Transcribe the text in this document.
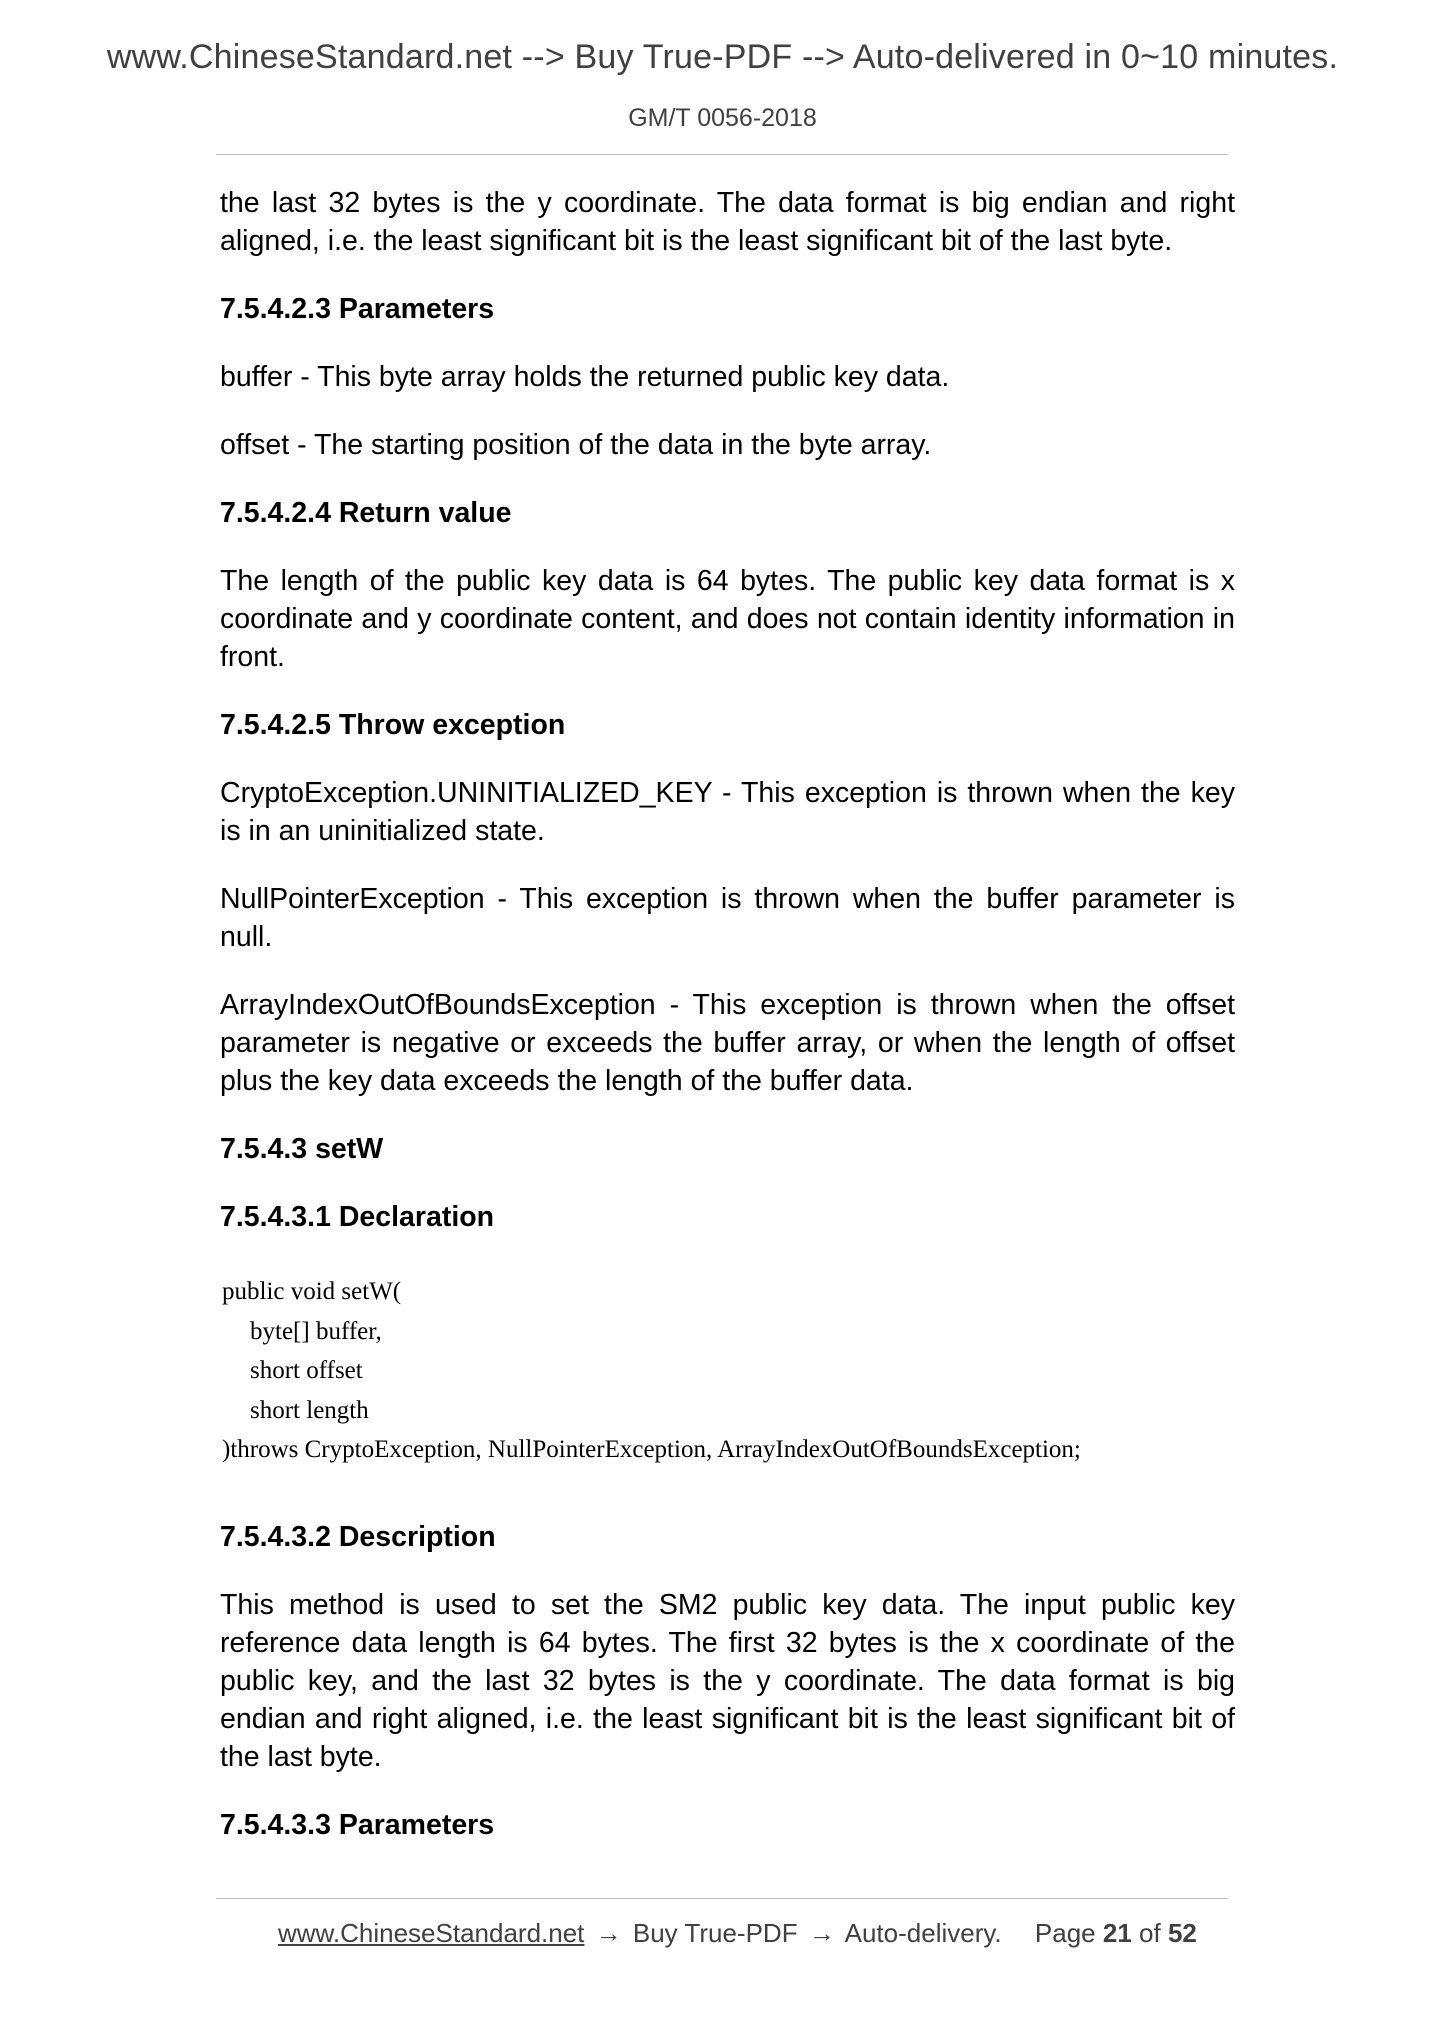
www.ChineseStandard.net --> Buy True-PDF --> Auto-delivered in 0~10 minutes.
GM/T 0056-2018

the last 32 bytes is the y coordinate. The data format is big endian and right aligned, i.e. the least significant bit is the least significant bit of the last byte.

7.5.4.2.3 Parameters

buffer - This byte array holds the returned public key data.

offset - The starting position of the data in the byte array.

7.5.4.2.4 Return value

The length of the public key data is 64 bytes. The public key data format is x coordinate and y coordinate content, and does not contain identity information in front.

7.5.4.2.5 Throw exception

CryptoException.UNINITIALIZED_KEY - This exception is thrown when the key is in an uninitialized state.

NullPointerException - This exception is thrown when the buffer parameter is null.

ArrayIndexOutOfBoundsException - This exception is thrown when the offset parameter is negative or exceeds the buffer array, or when the length of offset plus the key data exceeds the length of the buffer data.

7.5.4.3 setW
7.5.4.3.1 Declaration
public void setW(
byte[] buffer,
short offset
short length
)throws CryptoException, NullPointerException, ArrayIndexOutOfBoundsException;
7.5.4.3.2 Description

This method is used to set the SM2 public key data. The input public key reference data length is 64 bytes. The first 32 bytes is the x coordinate of the public key, and the last 32 bytes is the y coordinate. The data format is big endian and right aligned, i.e. the least significant bit is the least significant bit of the last byte.

7.5.4.3.3 Parameters
www.ChineseStandard.net → Buy True-PDF → Auto-delivery. Page 21 of 52
